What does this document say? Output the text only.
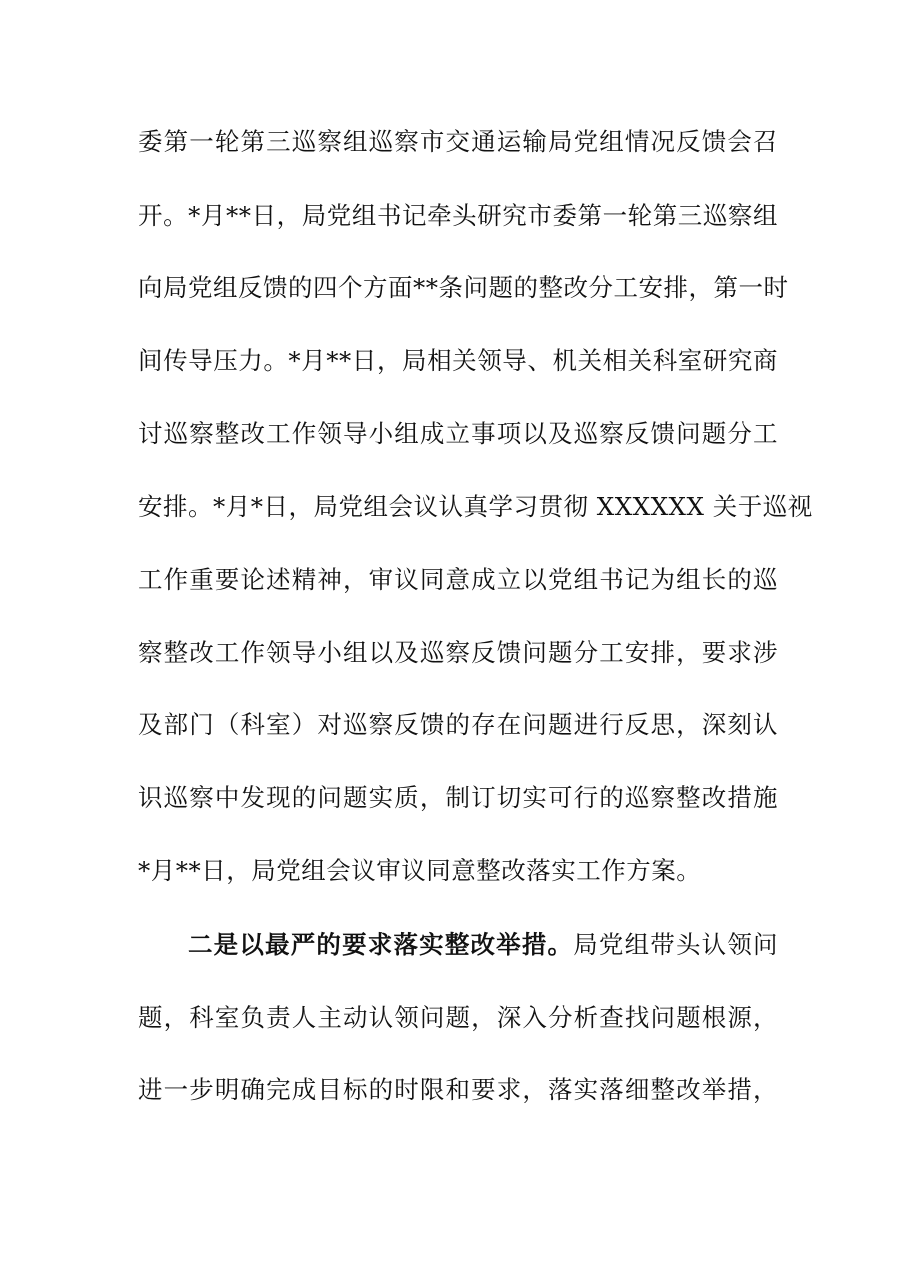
委第一轮第三巡察组巡察市交通运输局党组情况反馈会召
开。*月**日，局党组书记牵头研究市委第一轮第三巡察组
向局党组反馈的四个方面**条问题的整改分工安排，第一时
间传导压力。*月**日，局相关领导、机关相关科室研究商
讨巡察整改工作领导小组成立事项以及巡察反馈问题分工
安排。*月*日，局党组会议认真学习贯彻 XXXXXX 关于巡视
工作重要论述精神，审议同意成立以党组书记为组长的巡
察整改工作领导小组以及巡察反馈问题分工安排，要求涉
及部门（科室）对巡察反馈的存在问题进行反思，深刻认
识巡察中发现的问题实质，制订切实可行的巡察整改措施
*月**日，局党组会议审议同意整改落实工作方案。
二是以最严的要求落实整改举措。局党组带头认领问
题，科室负责人主动认领问题，深入分析查找问题根源，
进一步明确完成目标的时限和要求，落实落细整改举措，
